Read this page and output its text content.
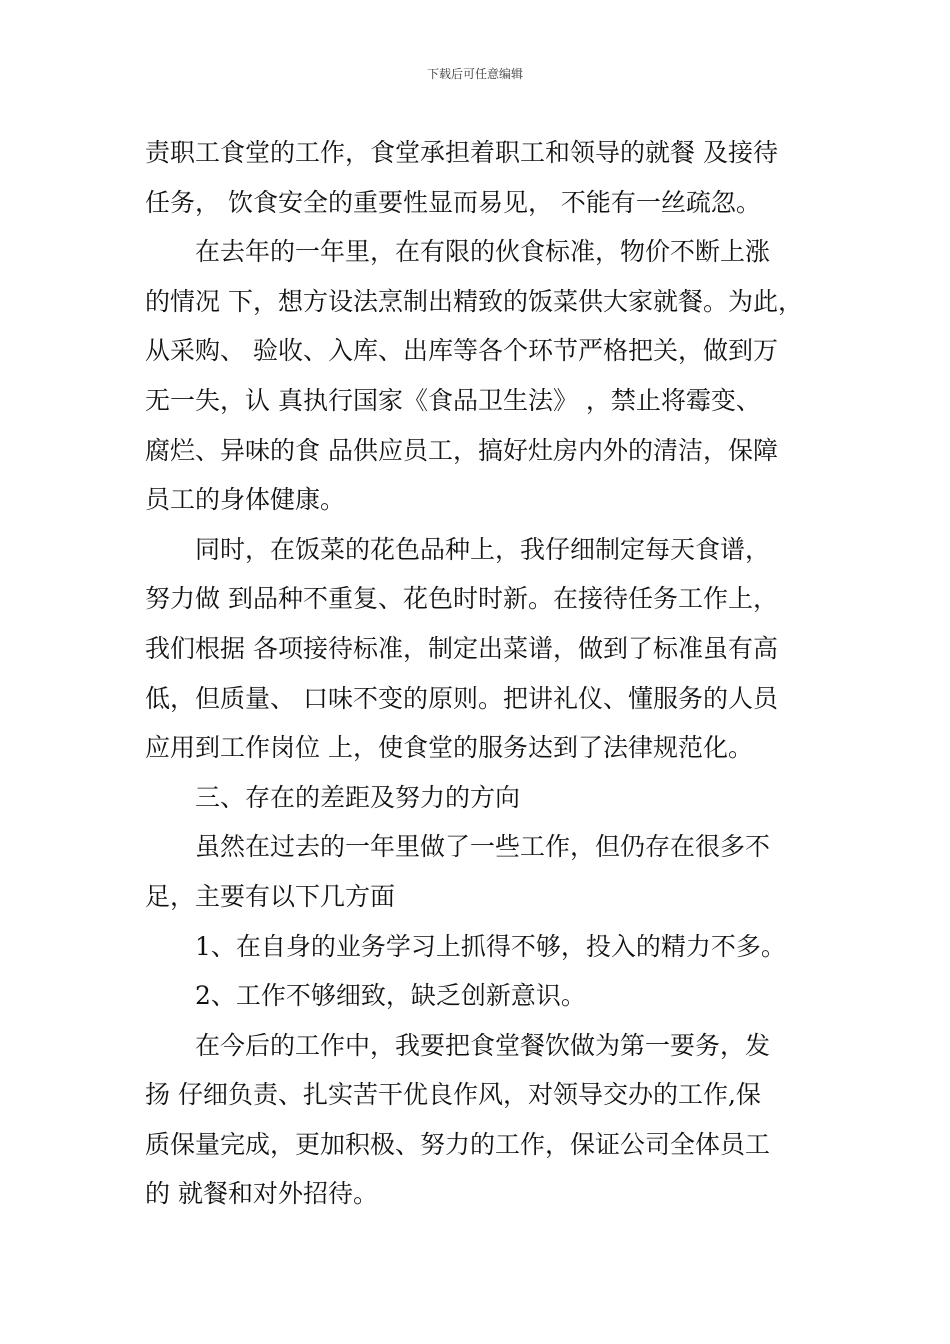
下载后可任意编辑
责职工食堂的工作，食堂承担着职工和领导的就餐 及接待
任务， 饮食安全的重要性显而易见， 不能有一丝疏忽。
在去年的一年里，在有限的伙食标准，物价不断上涨
的情况 下，想方设法烹制出精致的饭菜供大家就餐。为此，
从采购、 验收、入库、出库等各个环节严格把关，做到万
无一失，认 真执行国家《食品卫生法》 ，禁止将霉变、
腐烂、异味的食 品供应员工，搞好灶房内外的清洁，保障
员工的身体健康。
同时，在饭菜的花色品种上，我仔细制定每天食谱，
努力做 到品种不重复、花色时时新。在接待任务工作上，
我们根据 各项接待标准，制定出菜谱，做到了标准虽有高
低，但质量、 口味不变的原则。把讲礼仪、懂服务的人员
应用到工作岗位 上，使食堂的服务达到了法律规范化。
三、存在的差距及努力的方向
虽然在过去的一年里做了一些工作，但仍存在很多不
足，主要有以下几方面
1、在自身的业务学习上抓得不够，投入的精力不多。
2、工作不够细致，缺乏创新意识。
在今后的工作中，我要把食堂餐饮做为第一要务，发
扬 仔细负责、扎实苦干优良作风，对领导交办的工作,保
质保量完成，更加积极、努力的工作，保证公司全体员工
的 就餐和对外招待。
